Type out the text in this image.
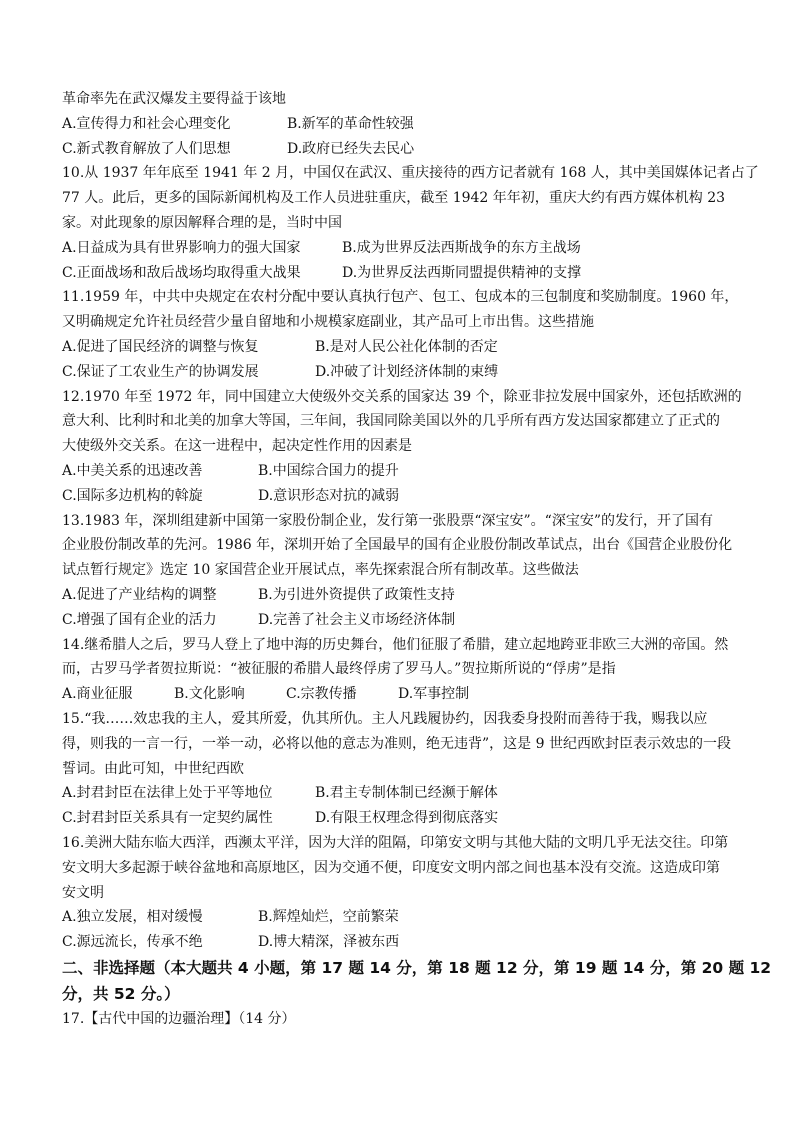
革命率先在武汉爆发主要得益于该地
A.宣传得力和社会心理变化	B.新军的革命性较强
C.新式教育解放了人们思想	D.政府已经失去民心
10.从 1937 年年底至 1941 年 2 月，中国仅在武汉、重庆接待的西方记者就有 168 人，其中美国媒体记者占了
77 人。此后，更多的国际新闻机构及工作人员进驻重庆，截至 1942 年年初，重庆大约有西方媒体机构 23
家。对此现象的原因解释合理的是，当时中国
A.日益成为具有世界影响力的强大国家	B.成为世界反法西斯战争的东方主战场
C.正面战场和敌后战场均取得重大战果	D.为世界反法西斯同盟提供精神的支撑
11.1959 年，中共中央规定在农村分配中要认真执行包产、包工、包成本的三包制度和奖励制度。1960 年，
又明确规定允许社员经营少量自留地和小规模家庭副业，其产品可上市出售。这些措施
A.促进了国民经济的调整与恢复	B.是对人民公社化体制的否定
C.保证了工农业生产的协调发展	D.冲破了计划经济体制的束缚
12.1970 年至 1972 年，同中国建立大使级外交关系的国家达 39 个，除亚非拉发展中国家外，还包括欧洲的
意大利、比利时和北美的加拿大等国，三年间，我国同除美国以外的几乎所有西方发达国家都建立了正式的
大使级外交关系。在这一进程中，起决定性作用的因素是
A.中美关系的迅速改善	B.中国综合国力的提升
C.国际多边机构的斡旋	D.意识形态对抗的减弱
13.1983 年，深圳组建新中国第一家股份制企业，发行第一张股票“深宝安”。“深宝安”的发行，开了国有
企业股份制改革的先河。1986 年，深圳开始了全国最早的国有企业股份制改革试点，出台《国营企业股份化
试点暂行规定》选定 10 家国营企业开展试点，率先探索混合所有制改革。这些做法
A.促进了产业结构的调整	B.为引进外资提供了政策性支持
C.增强了国有企业的活力	D.完善了社会主义市场经济体制
14.继希腊人之后，罗马人登上了地中海的历史舞台，他们征服了希腊，建立起地跨亚非欧三大洲的帝国。然
而，古罗马学者贺拉斯说：“被征服的希腊人最终俘虏了罗马人。”贺拉斯所说的“俘虏”是指
A.商业征服	B.文化影响	C.宗教传播	D.军事控制
15.“我……效忠我的主人，爱其所爱，仇其所仇。主人凡践履协约，因我委身投附而善待于我，赐我以应
得，则我的一言一行，一举一动，必将以他的意志为准则，绝无违背”，这是 9 世纪西欧封臣表示效忠的一段
誓词。由此可知，中世纪西欧
A.封君封臣在法律上处于平等地位	B.君主专制体制已经濒于解体
C.封君封臣关系具有一定契约属性	D.有限王权理念得到彻底落实
16.美洲大陆东临大西洋，西濒太平洋，因为大洋的阻隔，印第安文明与其他大陆的文明几乎无法交往。印第
安文明大多起源于峡谷盆地和高原地区，因为交通不便，印度安文明内部之间也基本没有交流。这造成印第
安文明
A.独立发展，相对缓慢	B.辉煌灿烂，空前繁荣
C.源远流长，传承不绝	D.博大精深，泽被东西
二、非选择题（本大题共 4 小题，第 17 题 14 分，第 18 题 12 分，第 19 题 14 分，第 20 题 12
分，共 52 分。）
17.【古代中国的边疆治理】（14 分）
